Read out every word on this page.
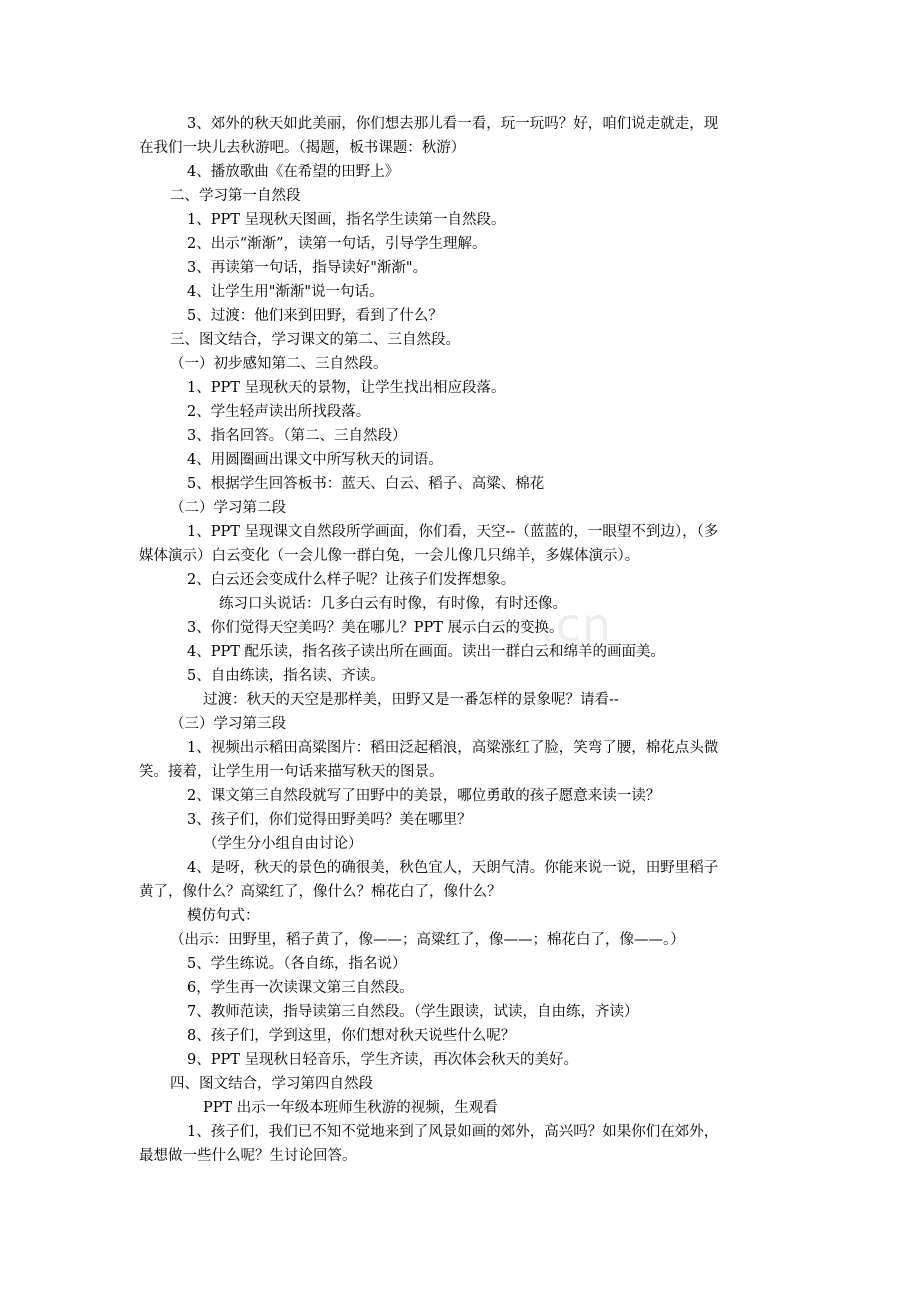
.cn
3、郊外的秋天如此美丽，你们想去那儿看一看，玩一玩吗？好，咱们说走就走，现
在我们一块儿去秋游吧。（揭题，板书课题：秋游）
4、播放歌曲《在希望的田野上》
二、学习第一自然段
1、PPT 呈现秋天图画，指名学生读第一自然段。
2、出示“渐渐”，读第一句话，引导学生理解。
3、再读第一句话，指导读好"渐渐"。
4、让学生用"渐渐"说一句话。
5、过渡：他们来到田野，看到了什么？
三、图文结合，学习课文的第二、三自然段。
（一）初步感知第二、三自然段。
1、PPT 呈现秋天的景物，让学生找出相应段落。
2、学生轻声读出所找段落。
3、指名回答。（第二、三自然段）
4、用圆圈画出课文中所写秋天的词语。
5、根据学生回答板书：蓝天、白云、稻子、高粱、棉花
（二）学习第二段
1、PPT 呈现课文自然段所学画面，你们看，天空--（蓝蓝的，一眼望不到边），（多
媒体演示）白云变化（一会儿像一群白兔，一会儿像几只绵羊，多媒体演示）。
2、白云还会变成什么样子呢？让孩子们发挥想象。
练习口头说话：几多白云有时像，有时像，有时还像。
3、你们觉得天空美吗？美在哪儿？PPT 展示白云的变换。
4、PPT 配乐读，指名孩子读出所在画面。读出一群白云和绵羊的画面美。
5、自由练读，指名读、齐读。
过渡：秋天的天空是那样美，田野又是一番怎样的景象呢？请看--
（三）学习第三段
1、视频出示稻田高粱图片：稻田泛起稻浪，高粱涨红了脸，笑弯了腰，棉花点头微
笑。接着，让学生用一句话来描写秋天的图景。
2、课文第三自然段就写了田野中的美景，哪位勇敢的孩子愿意来读一读？
3、孩子们，你们觉得田野美吗？美在哪里？
（学生分小组自由讨论）
4、是呀，秋天的景色的确很美，秋色宜人，天朗气清。你能来说一说，田野里稻子
黄了，像什么？高粱红了，像什么？棉花白了，像什么？
模仿句式：
（出示：田野里，稻子黄了，像——；高粱红了，像——；棉花白了，像——。）
5、学生练说。（各自练，指名说）
6，学生再一次读课文第三自然段。
7、教师范读，指导读第三自然段。（学生跟读，试读，自由练，齐读）
8、孩子们，学到这里，你们想对秋天说些什么呢？
9、PPT 呈现秋日轻音乐，学生齐读，再次体会秋天的美好。
四、图文结合，学习第四自然段
PPT 出示一年级本班师生秋游的视频，生观看
1、孩子们，我们已不知不觉地来到了风景如画的郊外，高兴吗？如果你们在郊外，
最想做一些什么呢？生讨论回答。
